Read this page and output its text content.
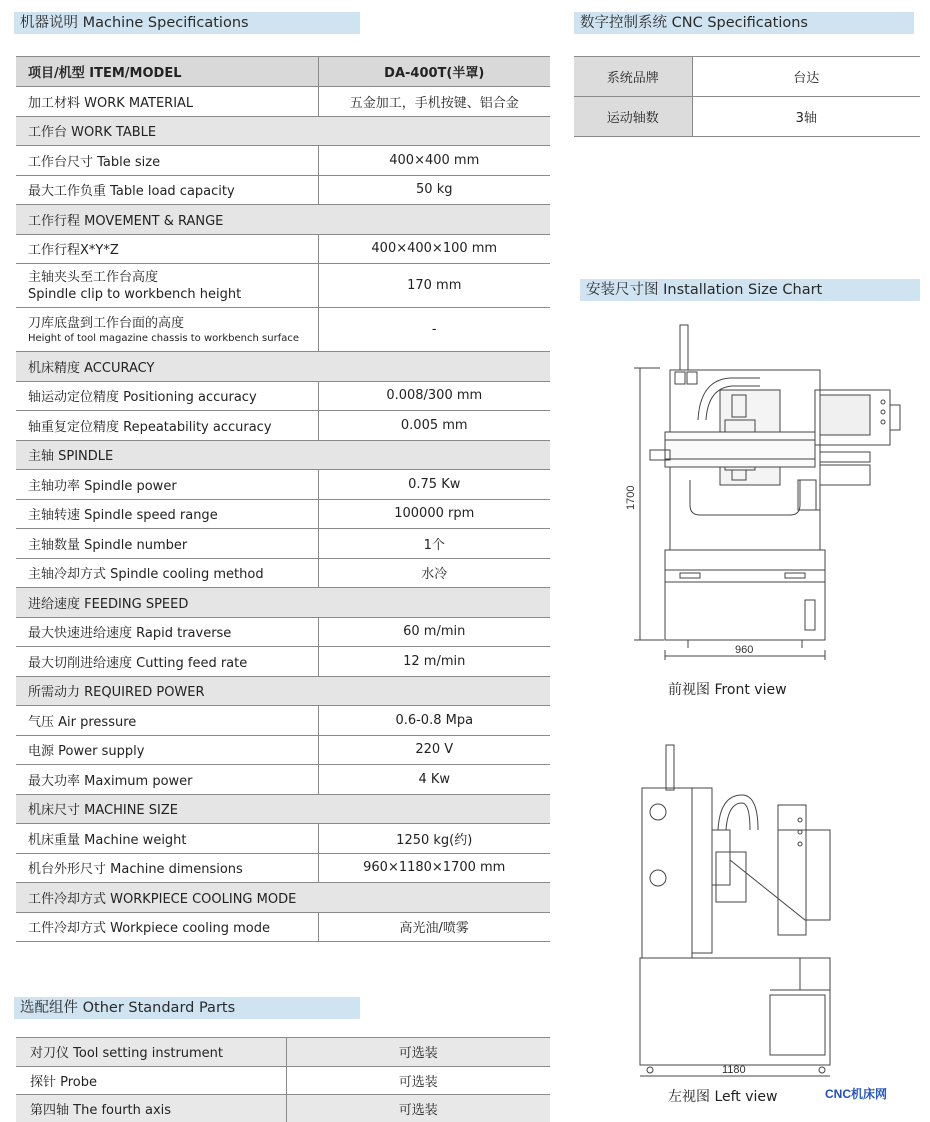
机器说明 Machine Specifications	数字控制系统 CNC Specifications
安装尺寸图 Installation Size Chart
选配组件 Other Standard Parts
项目/机型 ITEM/MODEL	DA-400T(半罩)
加工材料 WORK MATERIAL	五金加工，手机按键、铝合金
工作台 WORK TABLE	
工作台尺寸 Table size	400×400 mm
最大工作负重 Table load capacity	50 kg
工作行程 MOVEMENT & RANGE	
工作行程X*Y*Z	400×400×100 mm

主轴夹头至工作台高度
Spindle clip to workbench height	170 mm

刀库底盘到工作台面的高度
Height of tool magazine chassis to workbench surface	-
机床精度 ACCURACY	
轴运动定位精度 Positioning accuracy	0.008/300 mm
轴重复定位精度 Repeatability accuracy	0.005 mm
主轴 SPINDLE	
主轴功率 Spindle power	0.75 Kw
主轴转速 Spindle speed range	100000 rpm
主轴数量 Spindle number	1个
主轴冷却方式 Spindle cooling method	水冷
进给速度 FEEDING SPEED	
最大快速进给速度 Rapid traverse	60 m/min
最大切削进给速度 Cutting feed rate	12 m/min
所需动力 REQUIRED POWER	
气压 Air pressure	0.6-0.8 Mpa
电源 Power supply	220 V
最大功率 Maximum power	4 Kw
机床尺寸 MACHINE SIZE	
机床重量 Machine weight	1250 kg(约)
机台外形尺寸 Machine dimensions	960×1180×1700 mm
工件冷却方式 WORKPIECE COOLING MODE	
工件冷却方式 Workpiece cooling mode	高光油/喷雾
系统品牌	台达
运动轴数	3轴
1700
960
前视图 Front view
1180
左视图 Left view
对刀仪 Tool setting instrument	可选装
探针 Probe	可选装
第四轴 The fourth axis	可选装
CNC机床网
